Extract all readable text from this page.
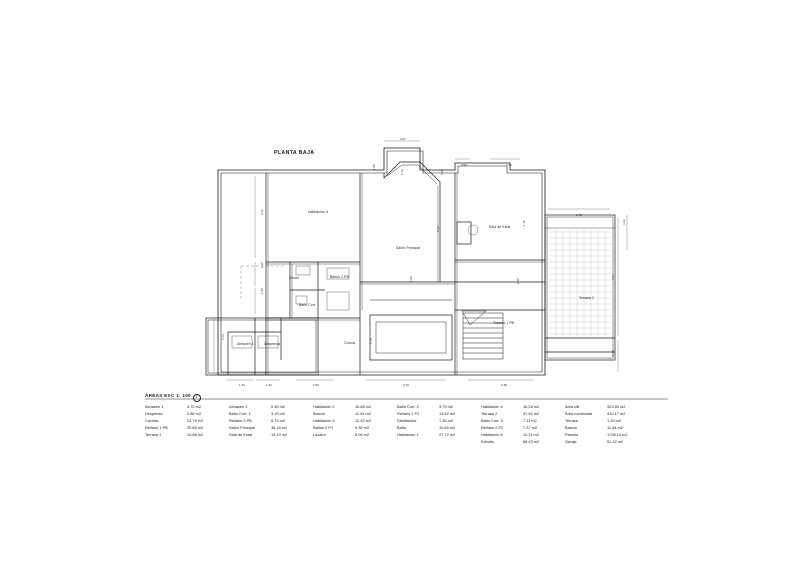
PLANTA BAJA
Habitación 3
Salón Principal
Sala de Estar
Baños 2 PB
Closet
Baño Cort.
Almacén 1	Despensa	Cocina
Terraza 2
Trasero 1 PB
2.07
0.90	2.70
2.78
1.33	1.22	1.50	4.70	2.48
2.72
1.30
1.20
3.73
1.55
1.72	1.50
5.12
1.53
1.75
1.70
1.30
3.24
1.44
3.12
ÁREAS ESC 1: 100 1
Almacén 1	3.70 m2
Despensa	2.88 m2
Cochea	23.75 m2
Rellano 1 PB	20.85 m2
Terraza 1	14.86 m2
Almacén 2	0.90 m2
Baño Cort. 1	3.19 m2
Rellano 2 PB	5.73 m2
Salón Principal	38.18 m2
Sala de Estar	19.10 m2
Habitación 2	10.88 m2
Balcón	11.94 m2
Habitación 3	12.52 m2
Baños 2 P1	9.35 m2
Lavabo	8.04 m2
Baño Cort. 2	3.79 m2
Rellano 1 P1	13.82 m2
Distribuidor	7.35 m2
Baño	10.69 m2
Habitación 1	27.72 m2
Habitación 4	16.26 m2
Terraza 2	37.52 m2
Baño Cort. 3	7.11 m2
Rellano 2 P2	7.27 m2
Habitación 6	12.11 m2
Estudio	66.43 m2
Área útil	323.83 m2
Área construida	410.17 m2
Terraza	1.29 m2
Balcón	11.94 m2
Parcela	1708.14 m2
Garaje	51.32 m2
